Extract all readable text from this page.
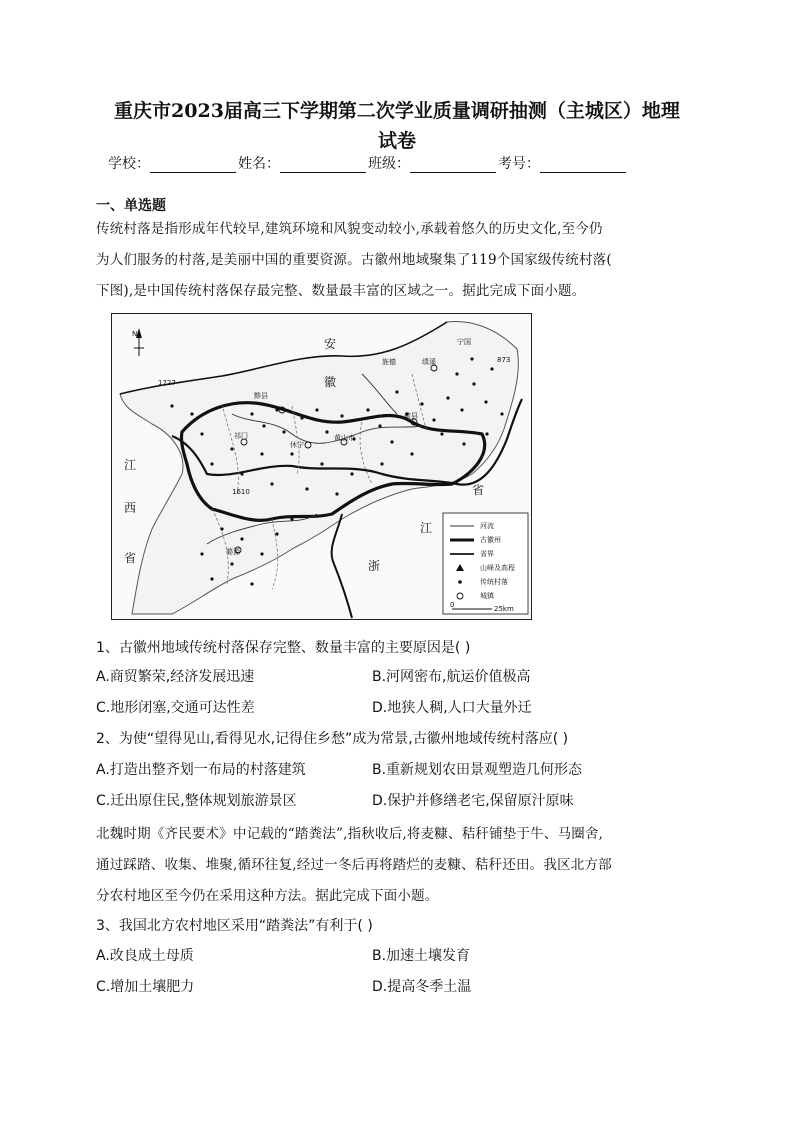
重庆市2023届高三下学期第二次学业质量调研抽测（主城区）地理
试卷
学校：	姓名：	班级：	考号：
一、单选题
传统村落是指形成年代较早,建筑环境和风貌变动较小,承载着悠久的历史文化,至今仍
为人们服务的村落,是美丽中国的重要资源。古徽州地域聚集了119个国家级传统村落(
下图),是中国传统村落保存最完整、数量最丰富的区域之一。据此完成下面小题。
N
1727
黟县
祁门
休宁
黄山市
歙县
绩溪
旌德
1610
婺源
873
宁国
安
徽
省
江
西
省
江
浙
河流
古徽州
省界
山峰及高程
传统村落
城镇
0	25km
1、古徽州地域传统村落保存完整、数量丰富的主要原因是( )
A.商贸繁荣,经济发展迅速	B.河网密布,航运价值极高
C.地形闭塞,交通可达性差	D.地狭人稠,人口大量外迁
2、为使“望得见山,看得见水,记得住乡愁”成为常景,古徽州地域传统村落应( )
A.打造出整齐划一布局的村落建筑	B.重新规划农田景观塑造几何形态
C.迁出原住民,整体规划旅游景区	D.保护并修缮老宅,保留原汁原味
北魏时期《齐民要术》中记载的“踏粪法”,指秋收后,将麦糠、秸秆铺垫于牛、马圈舍,
通过踩踏、收集、堆聚,循环往复,经过一冬后再将踏烂的麦糠、秸秆还田。我区北方部
分农村地区至今仍在采用这种方法。据此完成下面小题。
3、我国北方农村地区采用“踏粪法”有利于( )
A.改良成土母质	B.加速土壤发育
C.增加土壤肥力	D.提高冬季土温
